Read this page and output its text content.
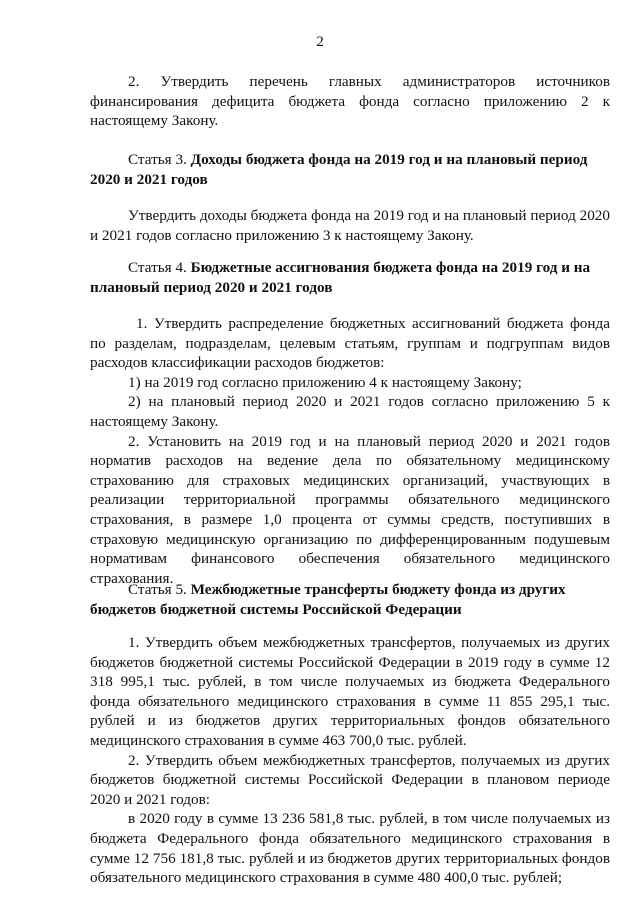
2

2. Утвердить перечень главных администраторов источников финансирования дефицита бюджета фонда согласно приложению 2 к настоящему Закону.

Статья 3. Доходы бюджета фонда на 2019 год и на плановый период 2020 и 2021 годов

Утвердить доходы бюджета фонда на 2019 год и на плановый период 2020 и 2021 годов согласно приложению 3 к настоящему Закону.

Статья 4. Бюджетные ассигнования бюджета фонда на 2019 год и на плановый период 2020 и 2021 годов

1. Утвердить распределение бюджетных ассигнований бюджета фонда по разделам, подразделам, целевым статьям, группам и подгруппам видов расходов классификации расходов бюджетов:

1) на 2019 год согласно приложению 4 к настоящему Закону;

2) на плановый период 2020 и 2021 годов согласно приложению 5 к настоящему Закону.

2. Установить на 2019 год и на плановый период 2020 и 2021 годов норматив расходов на ведение дела по обязательному медицинскому страхованию для страховых медицинских организаций, участвующих в реализации территориальной программы обязательного медицинского страхования, в размере 1,0 процента от суммы средств, поступивших в страховую медицинскую организацию по дифференцированным подушевым нормативам финансового обеспечения обязательного медицинского страхования.

Статья 5. Межбюджетные трансферты бюджету фонда из других бюджетов бюджетной системы Российской Федерации

1. Утвердить объем межбюджетных трансфертов, получаемых из других бюджетов бюджетной системы Российской Федерации в 2019 году в сумме 12 318 995,1 тыс. рублей, в том числе получаемых из бюджета Федерального фонда обязательного медицинского страхования в сумме 11 855 295,1 тыс. рублей и из бюджетов других территориальных фондов обязательного медицинского страхования в сумме 463 700,0 тыс. рублей.

2. Утвердить объем межбюджетных трансфертов, получаемых из других бюджетов бюджетной системы Российской Федерации в плановом периоде 2020 и 2021 годов:

в 2020 году в сумме 13 236 581,8 тыс. рублей, в том числе получаемых из бюджета Федерального фонда обязательного медицинского страхования в сумме 12 756 181,8 тыс. рублей и из бюджетов других территориальных фондов обязательного медицинского страхования в сумме 480 400,0 тыс. рублей;
